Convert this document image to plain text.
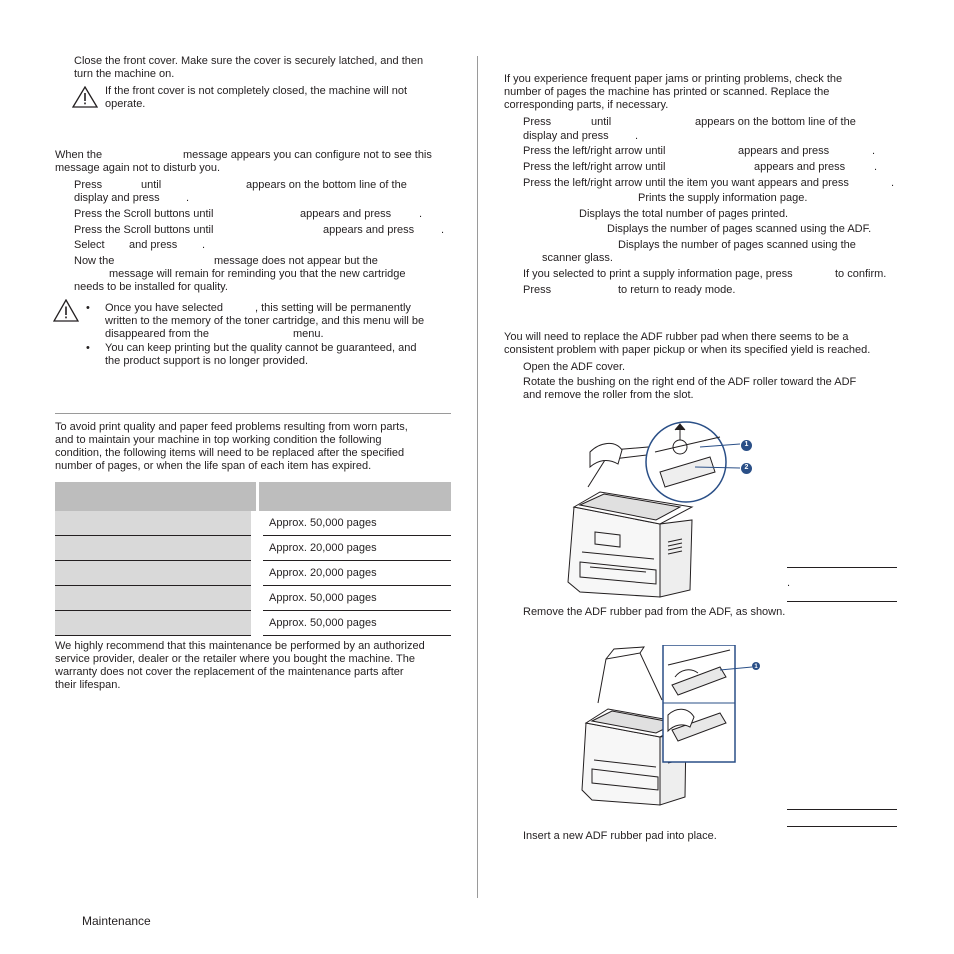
Close the front cover. Make sure the cover is securely latched, and then
turn the machine on.
If the front cover is not completely closed, the machine will not
operate.
When the	message appears you can configure not to see this
message again not to disturb you.
Press	until	appears on the bottom line of the
display and press .
Press the Scroll buttons until	appears and press	.
Press the Scroll buttons until	appears and press .
Select and press .
Now the	message does not appear but the
message will remain for reminding you that the new cartridge
needs to be installed for quality.
• Once you have selected	, this setting will be permanently
written to the memory of the toner cartridge, and this menu will be
disappeared from the	menu.
• You can keep printing but the quality cannot be guaranteed, and
the product support is no longer provided.
To avoid print quality and paper feed problems resulting from worn parts,
and to maintain your machine in top working condition the following
condition, the following items will need to be replaced after the specified
number of pages, or when the life span of each item has expired.

	Approx. 50,000 pages
	Approx. 20,000 pages
	Approx. 20,000 pages
	Approx. 50,000 pages
	Approx. 50,000 pages
We highly recommend that this maintenance be performed by an authorized
service provider, dealer or the retailer where you bought the machine. The
warranty does not cover the replacement of the maintenance parts after
their lifespan.
If you experience frequent paper jams or printing problems, check the
number of pages the machine has printed or scanned. Replace the
corresponding parts, if necessary.
Press	until	appears on the bottom line of the
display and press .
Press the left/right arrow until	appears and press	.
Press the left/right arrow until	appears and press	.
Press the left/right arrow until the item you want appears and press	.
Prints the supply information page.
Displays the total number of pages printed.
Displays the number of pages scanned using the ADF.
Displays the number of pages scanned using the
scanner glass.
If you selected to print a supply information page, press	to confirm.
Press	to return to ready mode.
You will need to replace the ADF rubber pad when there seems to be a
consistent problem with paper pickup or when its specified yield is reached.
Open the ADF cover.
Rotate the bushing on the right end of the ADF roller toward the ADF
and remove the roller from the slot.
1
2
.
Remove the ADF rubber pad from the ADF, as shown.
1
Insert a new ADF rubber pad into place.
Maintenance
